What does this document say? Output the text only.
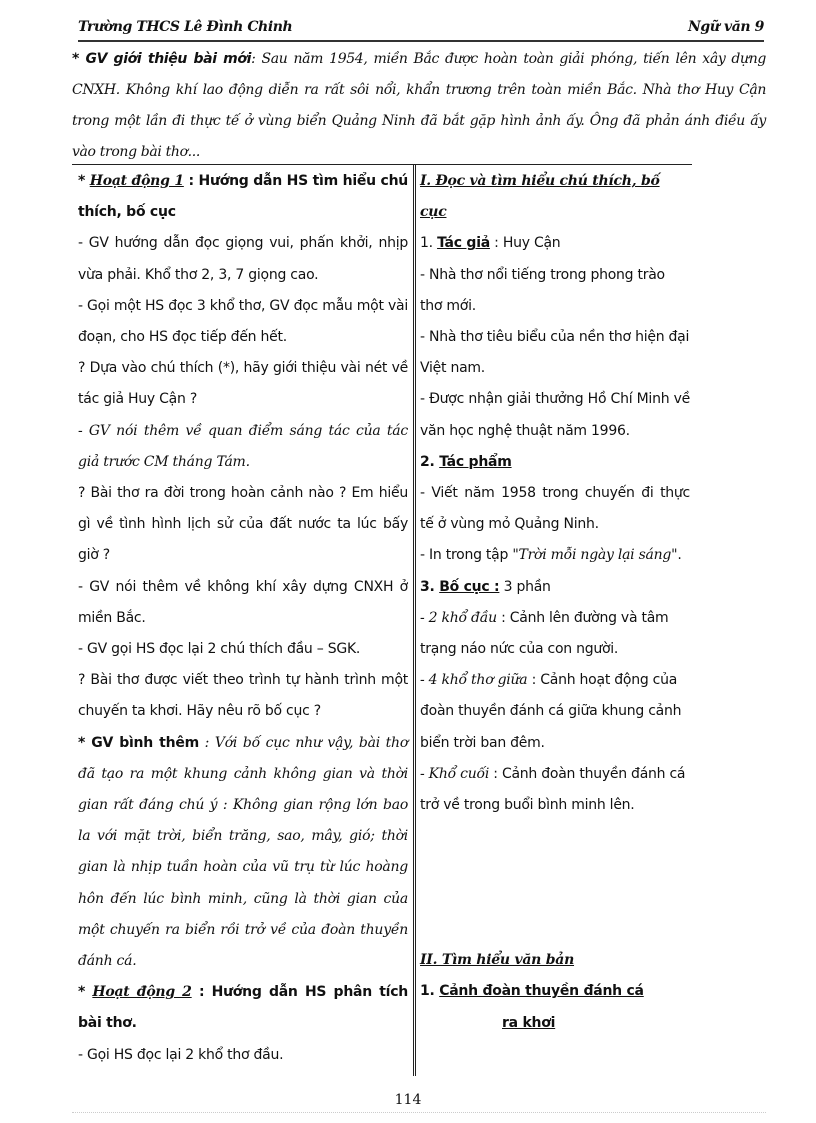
Trường THCS Lê Đình Chinh	Ngữ văn 9
* GV giới thiệu bài mới: Sau năm 1954, miền Bắc được hoàn toàn giải phóng, tiến lên xây dựng CNXH. Không khí lao động diễn ra rất sôi nổi, khẩn trương trên toàn miền Bắc. Nhà thơ Huy Cận trong một lần đi thực tế ở vùng biển Quảng Ninh đã bắt gặp hình ảnh ấy. Ông đã phản ánh điều ấy vào trong bài thơ...

* Hoạt động 1 : Hướng dẫn HS tìm hiểu chú thích, bố cục

- GV hướng dẫn đọc giọng vui, phấn khởi, nhịp vừa phải. Khổ thơ 2, 3, 7 giọng cao.

- Gọi một HS đọc 3 khổ thơ, GV đọc mẫu một vài đoạn, cho HS đọc tiếp đến hết.

? Dựa vào chú thích (*), hãy giới thiệu vài nét về tác giả Huy Cận ?

- GV nói thêm về quan điểm sáng tác của tác giả trước CM tháng Tám.

? Bài thơ ra đời trong hoàn cảnh nào ? Em hiểu gì về tình hình lịch sử của đất nước ta lúc bấy giờ ?

- GV nói thêm về không khí xây dựng CNXH ở miền Bắc.

- GV gọi HS đọc lại 2 chú thích đầu – SGK.

? Bài thơ được viết theo trình tự hành trình một chuyến ta khơi. Hãy nêu rõ bố cục ?

* GV bình thêm : Với bố cục như vậy, bài thơ đã tạo ra một khung cảnh không gian và thời gian rất đáng chú ý : Không gian rộng lớn bao la với mặt trời, biển trăng, sao, mây, gió; thời gian là nhịp tuần hoàn của vũ trụ từ lúc hoàng hôn đến lúc bình minh, cũng là thời gian của một chuyến ra biển rồi trở về của đoàn thuyền đánh cá.

* Hoạt động 2 : Hướng dẫn HS phân tích bài thơ.

- Gọi HS đọc lại 2 khổ thơ đầu.

I. Đọc và tìm hiểu chú thích, bố cục

1. Tác giả : Huy Cận

- Nhà thơ nổi tiếng trong phong trào thơ mới.

- Nhà thơ tiêu biểu của nền thơ hiện đại Việt nam.

- Được nhận giải thưởng Hồ Chí Minh về văn học nghệ thuật năm 1996.

2. Tác phẩm

- Viết năm 1958 trong chuyến đi thực tế ở vùng mỏ Quảng Ninh.

- In trong tập "Trời mỗi ngày lại sáng".

3. Bố cục : 3 phần

- 2 khổ đầu : Cảnh lên đường và tâm trạng náo nức của con người.

- 4 khổ thơ giữa : Cảnh hoạt động của đoàn thuyền đánh cá giữa khung cảnh biển trời ban đêm.

- Khổ cuối : Cảnh đoàn thuyền đánh cá trở về trong buổi bình minh lên.

II. Tìm hiểu văn bản

1. Cảnh đoàn thuyền đánh cá

ra khơi

114
